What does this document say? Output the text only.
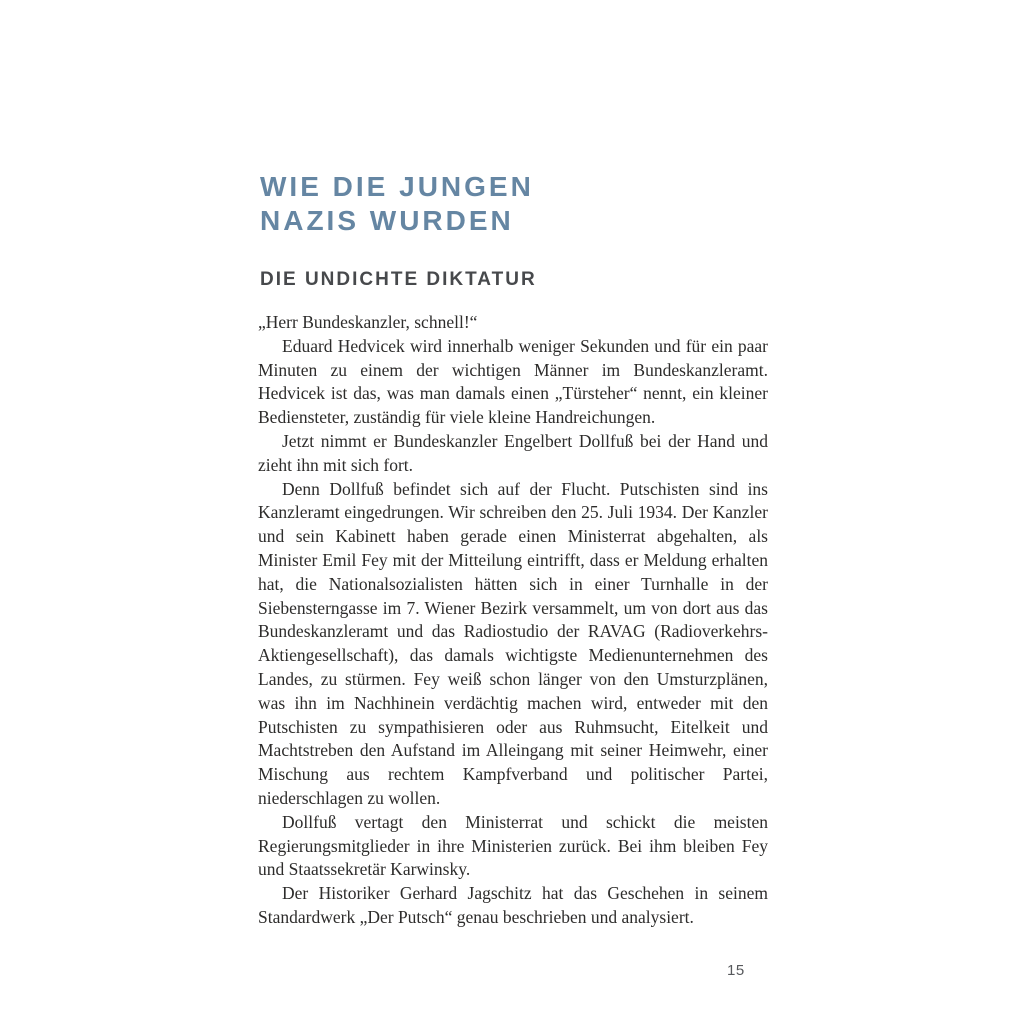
WIE DIE JUNGEN
NAZIS WURDEN
DIE UNDICHTE DIKTATUR

„Herr Bundeskanzler, schnell!“

Eduard Hedvicek wird innerhalb weniger Sekunden und für ein paar Minuten zu einem der wichtigen Männer im Bundeskanzleramt. Hedvicek ist das, was man damals einen „Türsteher“ nennt, ein kleiner Bediensteter, zuständig für viele kleine Handreichungen.

Jetzt nimmt er Bundeskanzler Engelbert Dollfuß bei der Hand und zieht ihn mit sich fort.

Denn Dollfuß befindet sich auf der Flucht. Putschisten sind ins Kanzleramt eingedrungen. Wir schreiben den 25. Juli 1934. Der Kanzler und sein Kabinett haben gerade einen Ministerrat abgehalten, als Minister Emil Fey mit der Mitteilung eintrifft, dass er Meldung erhalten hat, die Nationalsozialisten hätten sich in einer Turnhalle in der Siebensterngasse im 7. Wiener Bezirk versammelt, um von dort aus das Bundeskanzleramt und das Radiostudio der RAVAG (Radioverkehrs-Aktiengesellschaft), das damals wichtigste Medienunternehmen des Landes, zu stürmen. Fey weiß schon länger von den Umsturzplänen, was ihn im Nachhinein verdächtig machen wird, entweder mit den Putschisten zu sympathisieren oder aus Ruhmsucht, Eitelkeit und Machtstreben den Aufstand im Alleingang mit seiner Heimwehr, einer Mischung aus rechtem Kampfverband und politischer Partei, niederschlagen zu wollen.

Dollfuß vertagt den Ministerrat und schickt die meisten Regierungsmitglieder in ihre Ministerien zurück. Bei ihm bleiben Fey und Staatssekretär Karwinsky.

Der Historiker Gerhard Jagschitz hat das Geschehen in seinem Standardwerk „Der Putsch“ genau beschrieben und analysiert.

15
